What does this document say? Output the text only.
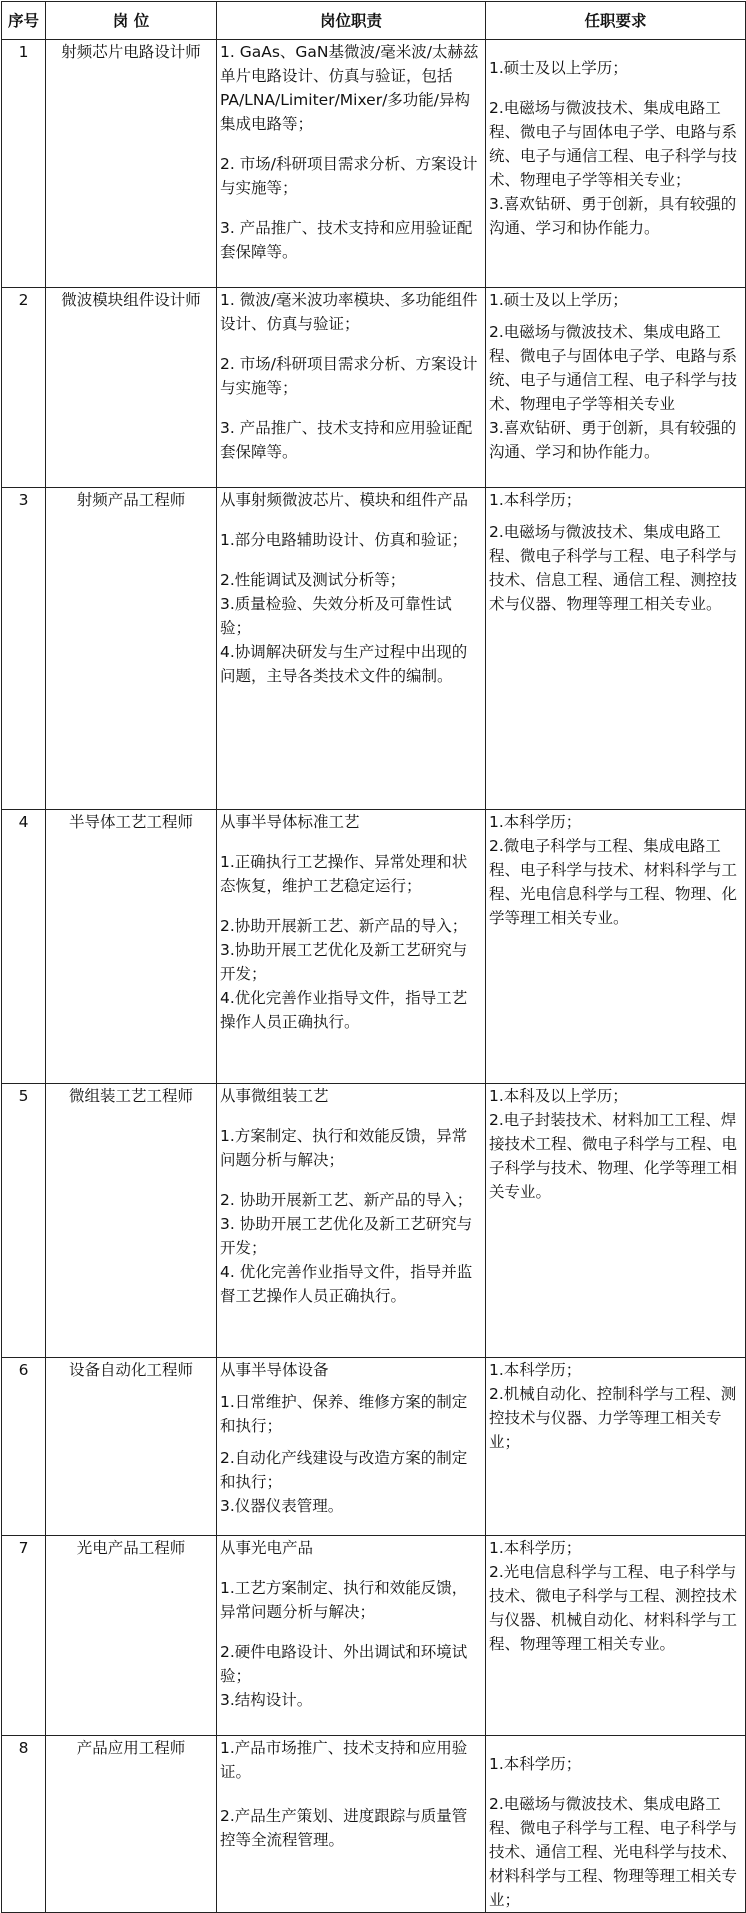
序号	岗 位	岗位职责	任职要求
1	射频芯片电路设计师	1. GaAs、GaN基微波/毫米波/太赫兹单片电路设计、仿真与验证，包括PA/LNA/Limiter/Mixer/多功能/异构集成电路等；
2. 市场/科研项目需求分析、方案设计与实施等；
3. 产品推广、技术支持和应用验证配套保障等。	1.硕士及以上学历；
2.电磁场与微波技术、集成电路工程、微电子与固体电子学、电路与系统、电子与通信工程、电子科学与技术、物理电子学等相关专业；
3.喜欢钻研、勇于创新，具有较强的沟通、学习和协作能力。

2	微波模块组件设计师	1. 微波/毫米波功率模块、多功能组件设计、仿真与验证；
2. 市场/科研项目需求分析、方案设计与实施等；
3. 产品推广、技术支持和应用验证配套保障等。	1.硕士及以上学历；
2.电磁场与微波技术、集成电路工程、微电子与固体电子学、电路与系统、电子与通信工程、电子科学与技术、物理电子学等相关专业
3.喜欢钻研、勇于创新，具有较强的沟通、学习和协作能力。

3	射频产品工程师	从事射频微波芯片、模块和组件产品
1.部分电路辅助设计、仿真和验证；
2.性能调试及测试分析等；
3.质量检验、失效分析及可靠性试验；
4.协调解决研发与生产过程中出现的问题，主导各类技术文件的编制。	1.本科学历；
2.电磁场与微波技术、集成电路工程、微电子科学与工程、电子科学与技术、信息工程、通信工程、测控技术与仪器、物理等理工相关专业。

4	半导体工艺工程师	从事半导体标准工艺
1.正确执行工艺操作、异常处理和状态恢复，维护工艺稳定运行；
2.协助开展新工艺、新产品的导入；
3.协助开展工艺优化及新工艺研究与开发；
4.优化完善作业指导文件，指导工艺操作人员正确执行。	1.本科学历；
2.微电子科学与工程、集成电路工程、电子科学与技术、材料科学与工程、光电信息科学与工程、物理、化学等理工相关专业。

5	微组装工艺工程师	从事微组装工艺
1.方案制定、执行和效能反馈，异常问题分析与解决；
2. 协助开展新工艺、新产品的导入；
3. 协助开展工艺优化及新工艺研究与开发；
4. 优化完善作业指导文件，指导并监督工艺操作人员正确执行。	1.本科及以上学历；
2.电子封装技术、材料加工工程、焊接技术工程、微电子科学与工程、电子科学与技术、物理、化学等理工相关专业。

6	设备自动化工程师	从事半导体设备
1.日常维护、保养、维修方案的制定和执行；
2.自动化产线建设与改造方案的制定和执行；
3.仪器仪表管理。	1.本科学历；
2.机械自动化、控制科学与工程、测控技术与仪器、力学等理工相关专业；

7	光电产品工程师	从事光电产品
1.工艺方案制定、执行和效能反馈，异常问题分析与解决；
2.硬件电路设计、外出调试和环境试验；
3.结构设计。	1.本科学历；
2.光电信息科学与工程、电子科学与技术、微电子科学与工程、测控技术与仪器、机械自动化、材料科学与工程、物理等理工相关专业。

8	产品应用工程师	1.产品市场推广、技术支持和应用验证。
2.产品生产策划、进度跟踪与质量管控等全流程管理。	1.本科学历；
2.电磁场与微波技术、集成电路工程、微电子科学与工程、电子科学与技术、通信工程、光电科学与技术、材料科学与工程、物理等理工相关专业；
